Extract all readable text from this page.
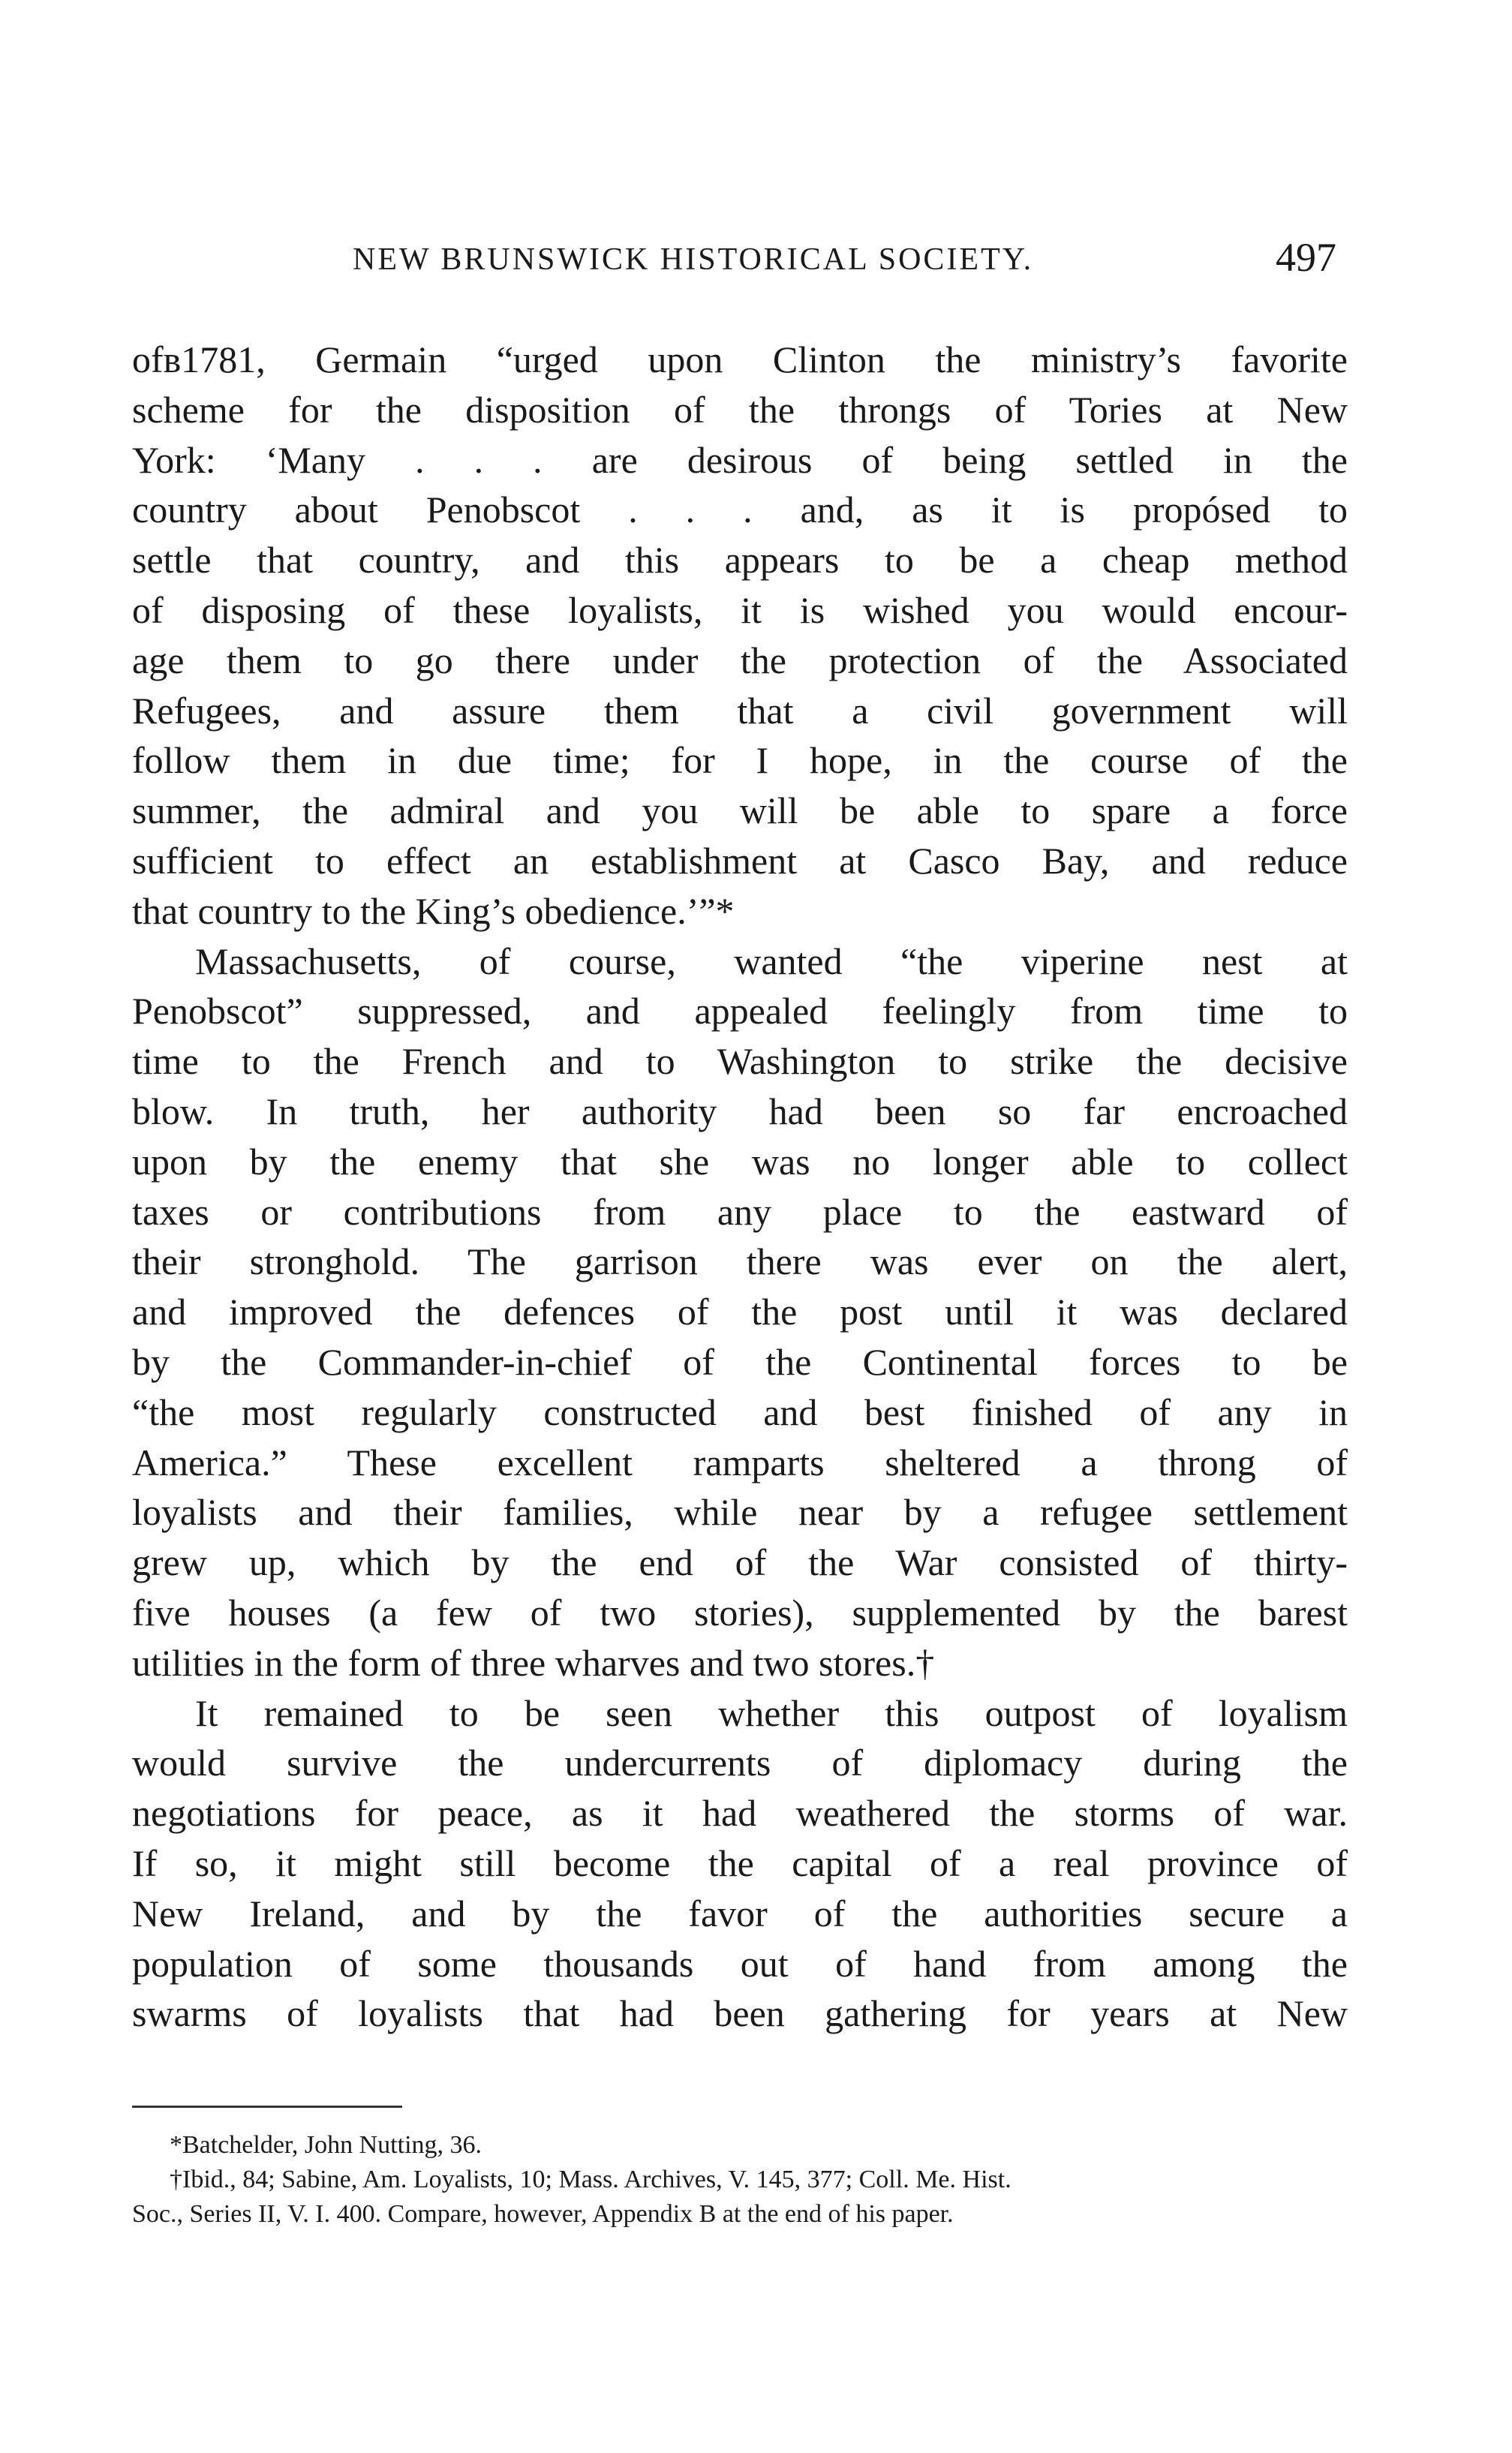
NEW BRUNSWICK HISTORICAL SOCIETY.	497
ofʙ1781, Germain “urged upon Clinton the ministry’s favorite
scheme for the disposition of the throngs of Tories at New
York: ‘Many . . . are desirous of being settled in the
country about Penobscot . . . and, as it is propósed to
settle that country, and this appears to be a cheap method
of disposing of these loyalists, it is wished you would encour-
age them to go there under the protection of the Associated
Refugees, and assure them that a civil government will
follow them in due time; for I hope, in the course of the
summer, the admiral and you will be able to spare a force
sufficient to effect an establishment at Casco Bay, and reduce
that country to the King’s obedience.’”*
Massachusetts, of course, wanted “the viperine nest at
Penobscot” suppressed, and appealed feelingly from time to
time to the French and to Washington to strike the decisive
blow. In truth, her authority had been so far encroached
upon by the enemy that she was no longer able to collect
taxes or contributions from any place to the eastward of
their stronghold. The garrison there was ever on the alert,
and improved the defences of the post until it was declared
by the Commander-in-chief of the Continental forces to be
“the most regularly constructed and best finished of any in
America.” These excellent ramparts sheltered a throng of
loyalists and their families, while near by a refugee settlement
grew up, which by the end of the War consisted of thirty-
five houses (a few of two stories), supplemented by the barest
utilities in the form of three wharves and two stores.†
It remained to be seen whether this outpost of loyalism
would survive the undercurrents of diplomacy during the
negotiations for peace, as it had weathered the storms of war.
If so, it might still become the capital of a real province of
New Ireland, and by the favor of the authorities secure a
population of some thousands out of hand from among the
swarms of loyalists that had been gathering for years at New
*Batchelder, John Nutting, 36.
†Ibid., 84; Sabine, Am. Loyalists, 10; Mass. Archives, V. 145, 377; Coll. Me. Hist.
Soc., Series II, V. I. 400. Compare, however, Appendix B at the end of his paper.
